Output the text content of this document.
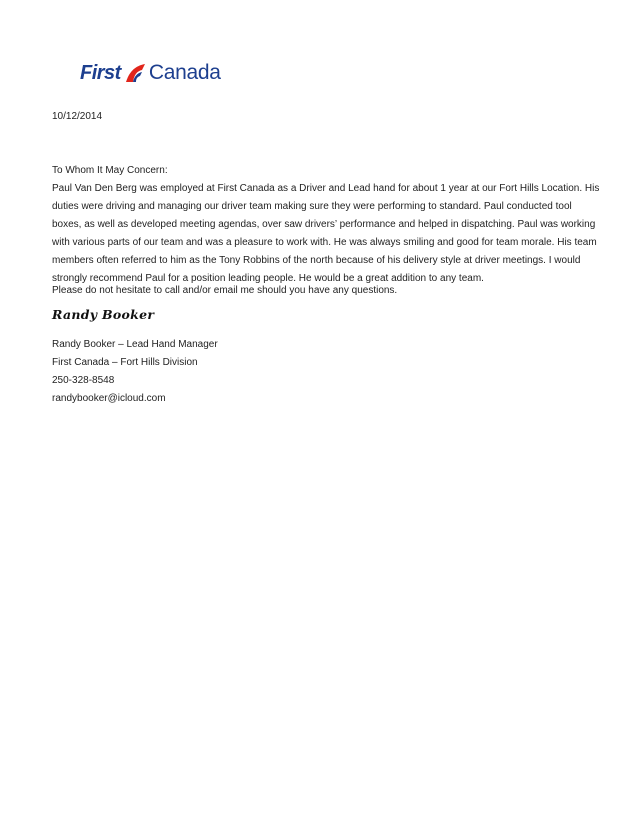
First Canada
10/12/2014
To Whom It May Concern:
Paul Van Den Berg was employed at First Canada as a Driver and Lead hand for about 1 year at our Fort Hills Location. His
duties were driving and managing our driver team making sure they were performing to standard. Paul conducted tool
boxes, as well as developed meeting agendas, over saw drivers’ performance and helped in dispatching. Paul was working
with various parts of our team and was a pleasure to work with. He was always smiling and good for team morale. His team
members often referred to him as the Tony Robbins of the north because of his delivery style at driver meetings. I would
strongly recommend Paul for a position leading people. He would be a great addition to any team.
Please do not hesitate to call and/or email me should you have any questions.
Randy Booker
Randy Booker – Lead Hand Manager
First Canada – Fort Hills Division
250-328-8548
randybooker@icloud.com
